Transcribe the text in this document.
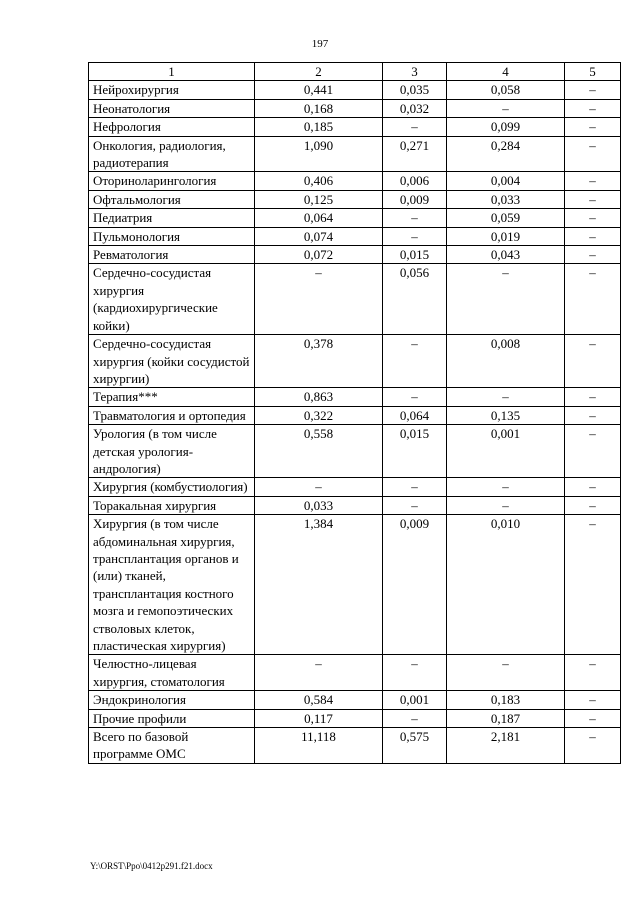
197
1	2	3	4	5
Нейрохирургия	0,441	0,035	0,058	–
Неонатология	0,168	0,032	–	–
Нефрология	0,185	–	0,099	–
Онкология, радиология, радиотерапия	1,090	0,271	0,284	–
Оториноларингология	0,406	0,006	0,004	–
Офтальмология	0,125	0,009	0,033	–
Педиатрия	0,064	–	0,059	–
Пульмонология	0,074	–	0,019	–
Ревматология	0,072	0,015	0,043	–
Сердечно-сосудистая хирургия (кардиохирургические койки)	–	0,056	–	–
Сердечно-сосудистая хирургия (койки сосудистой хирургии)	0,378	–	0,008	–
Терапия***	0,863	–	–	–
Травматология и ортопедия	0,322	0,064	0,135	–
Урология (в том числе детская урология-андрология)	0,558	0,015	0,001	–
Хирургия (комбустиология)	–	–	–	–
Торакальная хирургия	0,033	–	–	–
Хирургия (в том числе абдоминальная хирургия, трансплантация органов и (или) тканей, трансплантация костного мозга и гемопоэтических стволовых клеток, пластическая хирургия)	1,384	0,009	0,010	–
Челюстно-лицевая хирургия, стоматология	–	–	–	–
Эндокринология	0,584	0,001	0,183	–
Прочие профили	0,117	–	0,187	–
Всего по базовой программе ОМС	11,118	0,575	2,181	–
Y:\ORST\Ppo\0412p291.f21.docx
